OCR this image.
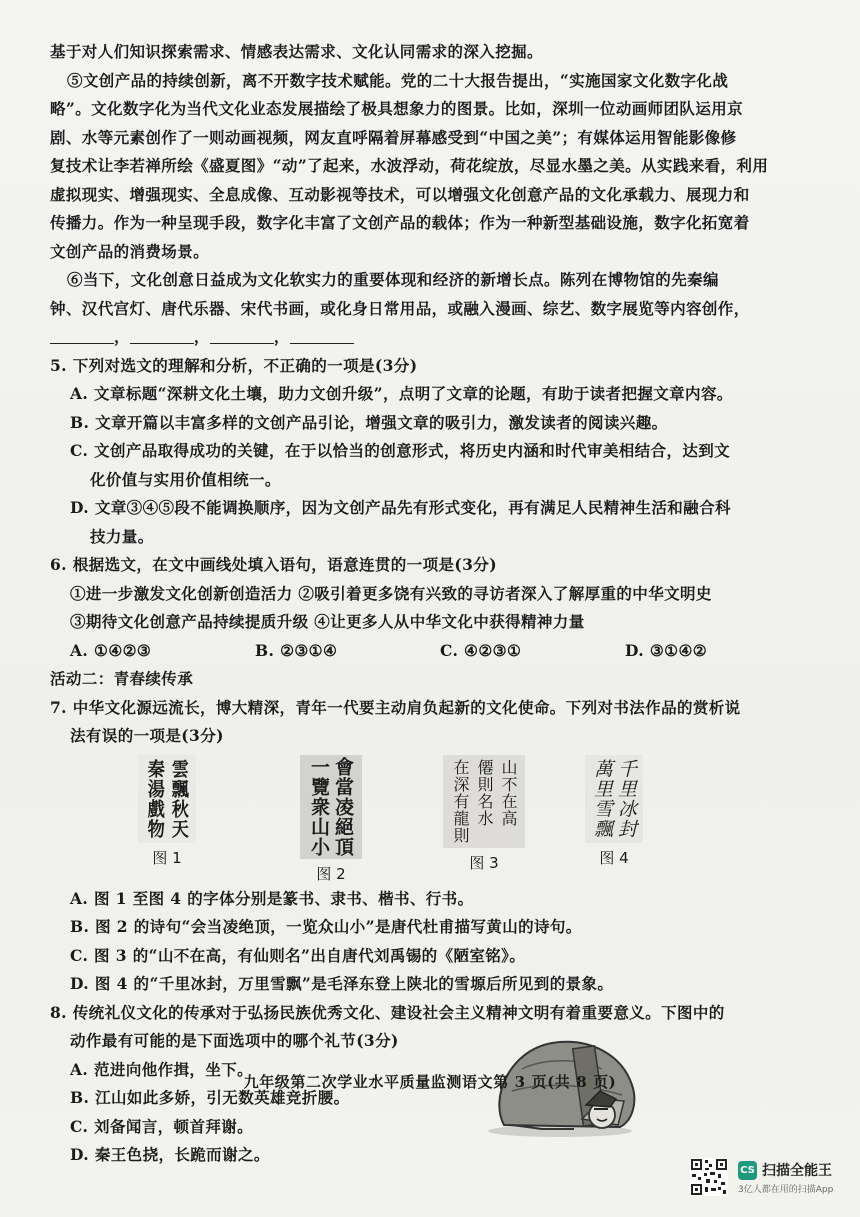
基于对人们知识探索需求、情感表达需求、文化认同需求的深入挖掘。
⑤文创产品的持续创新，离不开数字技术赋能。党的二十大报告提出，“实施国家文化数字化战
略”。文化数字化为当代文化业态发展描绘了极具想象力的图景。比如，深圳一位动画师团队运用京
剧、水等元素创作了一则动画视频，网友直呼隔着屏幕感受到“中国之美”；有媒体运用智能影像修
复技术让李若禅所绘《盛夏图》“动”了起来，水波浮动，荷花绽放，尽显水墨之美。从实践来看，利用
虚拟现实、增强现实、全息成像、互动影视等技术，可以增强文化创意产品的文化承载力、展现力和
传播力。作为一种呈现手段，数字化丰富了文创产品的载体；作为一种新型基础设施，数字化拓宽着
文创产品的消费场景。
⑥当下，文化创意日益成为文化软实力的重要体现和经济的新增长点。陈列在博物馆的先秦编
钟、汉代宫灯、唐代乐器、宋代书画，或化身日常用品，或融入漫画、综艺、数字展览等内容创作，
，	，	，
5. 下列对选文的理解和分析，不正确的一项是(3分)
A. 文章标题“深耕文化土壤，助力文创升级”，点明了文章的论题，有助于读者把握文章内容。
B. 文章开篇以丰富多样的文创产品引论，增强文章的吸引力，激发读者的阅读兴趣。
C. 文创产品取得成功的关键，在于以恰当的创意形式，将历史内涵和时代审美相结合，达到文
化价值与实用价值相统一。
D. 文章③④⑤段不能调换顺序，因为文创产品先有形式变化，再有满足人民精神生活和融合科
技力量。
6. 根据选文，在文中画线处填入语句，语意连贯的一项是(3分)
①进一步激发文化创新创造活力 ②吸引着更多饶有兴致的寻访者深入了解厚重的中华文明史
③期待文化创意产品持续提质升级 ④让更多人从中华文化中获得精神力量
A. ①④②③	B. ②③①④	C. ④②③①	D. ③①④②
活动二：青春续传承
7. 中华文化源远流长，博大精深，青年一代要主动肩负起新的文化使命。下列对书法作品的赏析说
法有误的一项是(3分)
雲飄秋天
秦湯戲物
图 1
會當凌絕頂
一覽衆山小
图 2
山不在高
僊則名水
在深有龍則
图 3
千里冰封
萬里雪飄
图 4
A. 图 1 至图 4 的字体分别是篆书、隶书、楷书、行书。
B. 图 2 的诗句“会当凌绝顶，一览众山小”是唐代杜甫描写黄山的诗句。
C. 图 3 的“山不在高，有仙则名”出自唐代刘禹锡的《陋室铭》。
D. 图 4 的“千里冰封，万里雪飘”是毛泽东登上陕北的雪塬后所见到的景象。
8. 传统礼仪文化的传承对于弘扬民族优秀文化、建设社会主义精神文明有着重要意义。下图中的
动作最有可能的是下面选项中的哪个礼节(3分)
A. 范进向他作揖，坐下。
B. 江山如此多娇，引无数英雄竞折腰。
C. 刘备闻言，顿首拜谢。
D. 秦王色挠，长跪而谢之。
九年级第二次学业水平质量监测语文第 3 页(共 8 页)
CS 扫描全能王
3亿人都在用的扫描App
